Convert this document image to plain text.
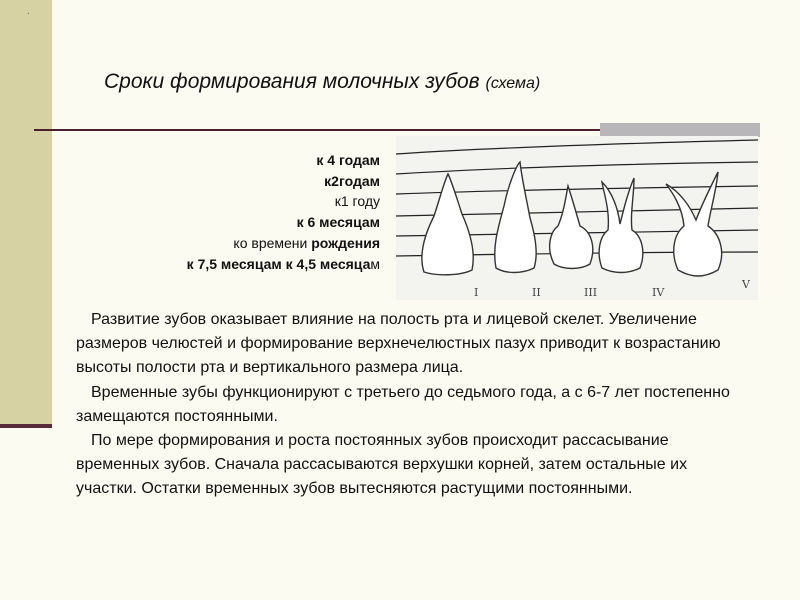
.
Сроки формирования молочных зубов (схема)
к 4 годам
к2годам
к1 году
к 6 месяцам
ко времени рождения
к 7,5 месяцам к 4,5 месяцам
I	II	III	IV
V

Развитие зубов оказывает влияние на полость рта и лицевой скелет. Увеличение размеров челюстей и формирование верхнечелюстных пазух приводит к возрастанию высоты полости рта и вертикального размера лица.

Временные зубы функционируют с третьего до седьмого года, а с 6-7 лет постепенно замещаются постоянными.

По мере формирования и роста постоянных зубов происходит рассасывание временных зубов. Сначала рассасываются верхушки корней, затем остальные их участки. Остатки временных зубов вытесняются растущими постоянными.
